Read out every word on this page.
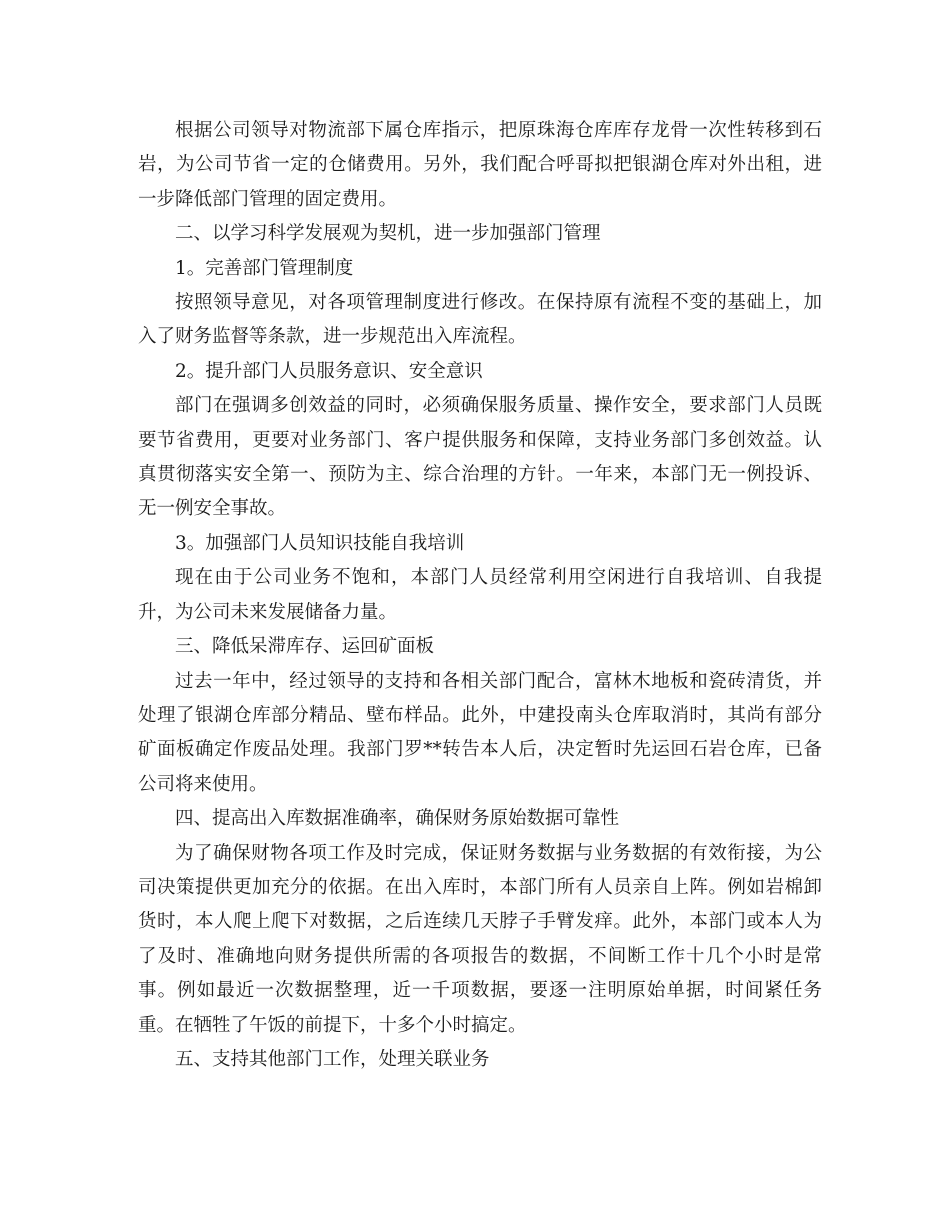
根据公司领导对物流部下属仓库指示，把原珠海仓库库存龙骨一次性转移到石岩，为公司节省一定的仓储费用。另外，我们配合呼哥拟把银湖仓库对外出租，进一步降低部门管理的固定费用。

二、以学习科学发展观为契机，进一步加强部门管理

1。完善部门管理制度

按照领导意见，对各项管理制度进行修改。在保持原有流程不变的基础上，加入了财务监督等条款，进一步规范出入库流程。

2。提升部门人员服务意识、安全意识

部门在强调多创效益的同时，必须确保服务质量、操作安全，要求部门人员既要节省费用，更要对业务部门、客户提供服务和保障，支持业务部门多创效益。认真贯彻落实安全第一、预防为主、综合治理的方针。一年来，本部门无一例投诉、无一例安全事故。

3。加强部门人员知识技能自我培训

现在由于公司业务不饱和，本部门人员经常利用空闲进行自我培训、自我提升，为公司未来发展储备力量。

三、降低呆滞库存、运回矿面板

过去一年中，经过领导的支持和各相关部门配合，富林木地板和瓷砖清货，并处理了银湖仓库部分精品、壁布样品。此外，中建投南头仓库取消时，其尚有部分矿面板确定作废品处理。我部门罗**转告本人后，决定暂时先运回石岩仓库，已备公司将来使用。

四、提高出入库数据准确率，确保财务原始数据可靠性

为了确保财物各项工作及时完成，保证财务数据与业务数据的有效衔接，为公司决策提供更加充分的依据。在出入库时，本部门所有人员亲自上阵。例如岩棉卸货时，本人爬上爬下对数据，之后连续几天脖子手臂发痒。此外，本部门或本人为了及时、准确地向财务提供所需的各项报告的数据，不间断工作十几个小时是常事。例如最近一次数据整理，近一千项数据，要逐一注明原始单据，时间紧任务重。在牺牲了午饭的前提下，十多个小时搞定。

五、支持其他部门工作，处理关联业务
